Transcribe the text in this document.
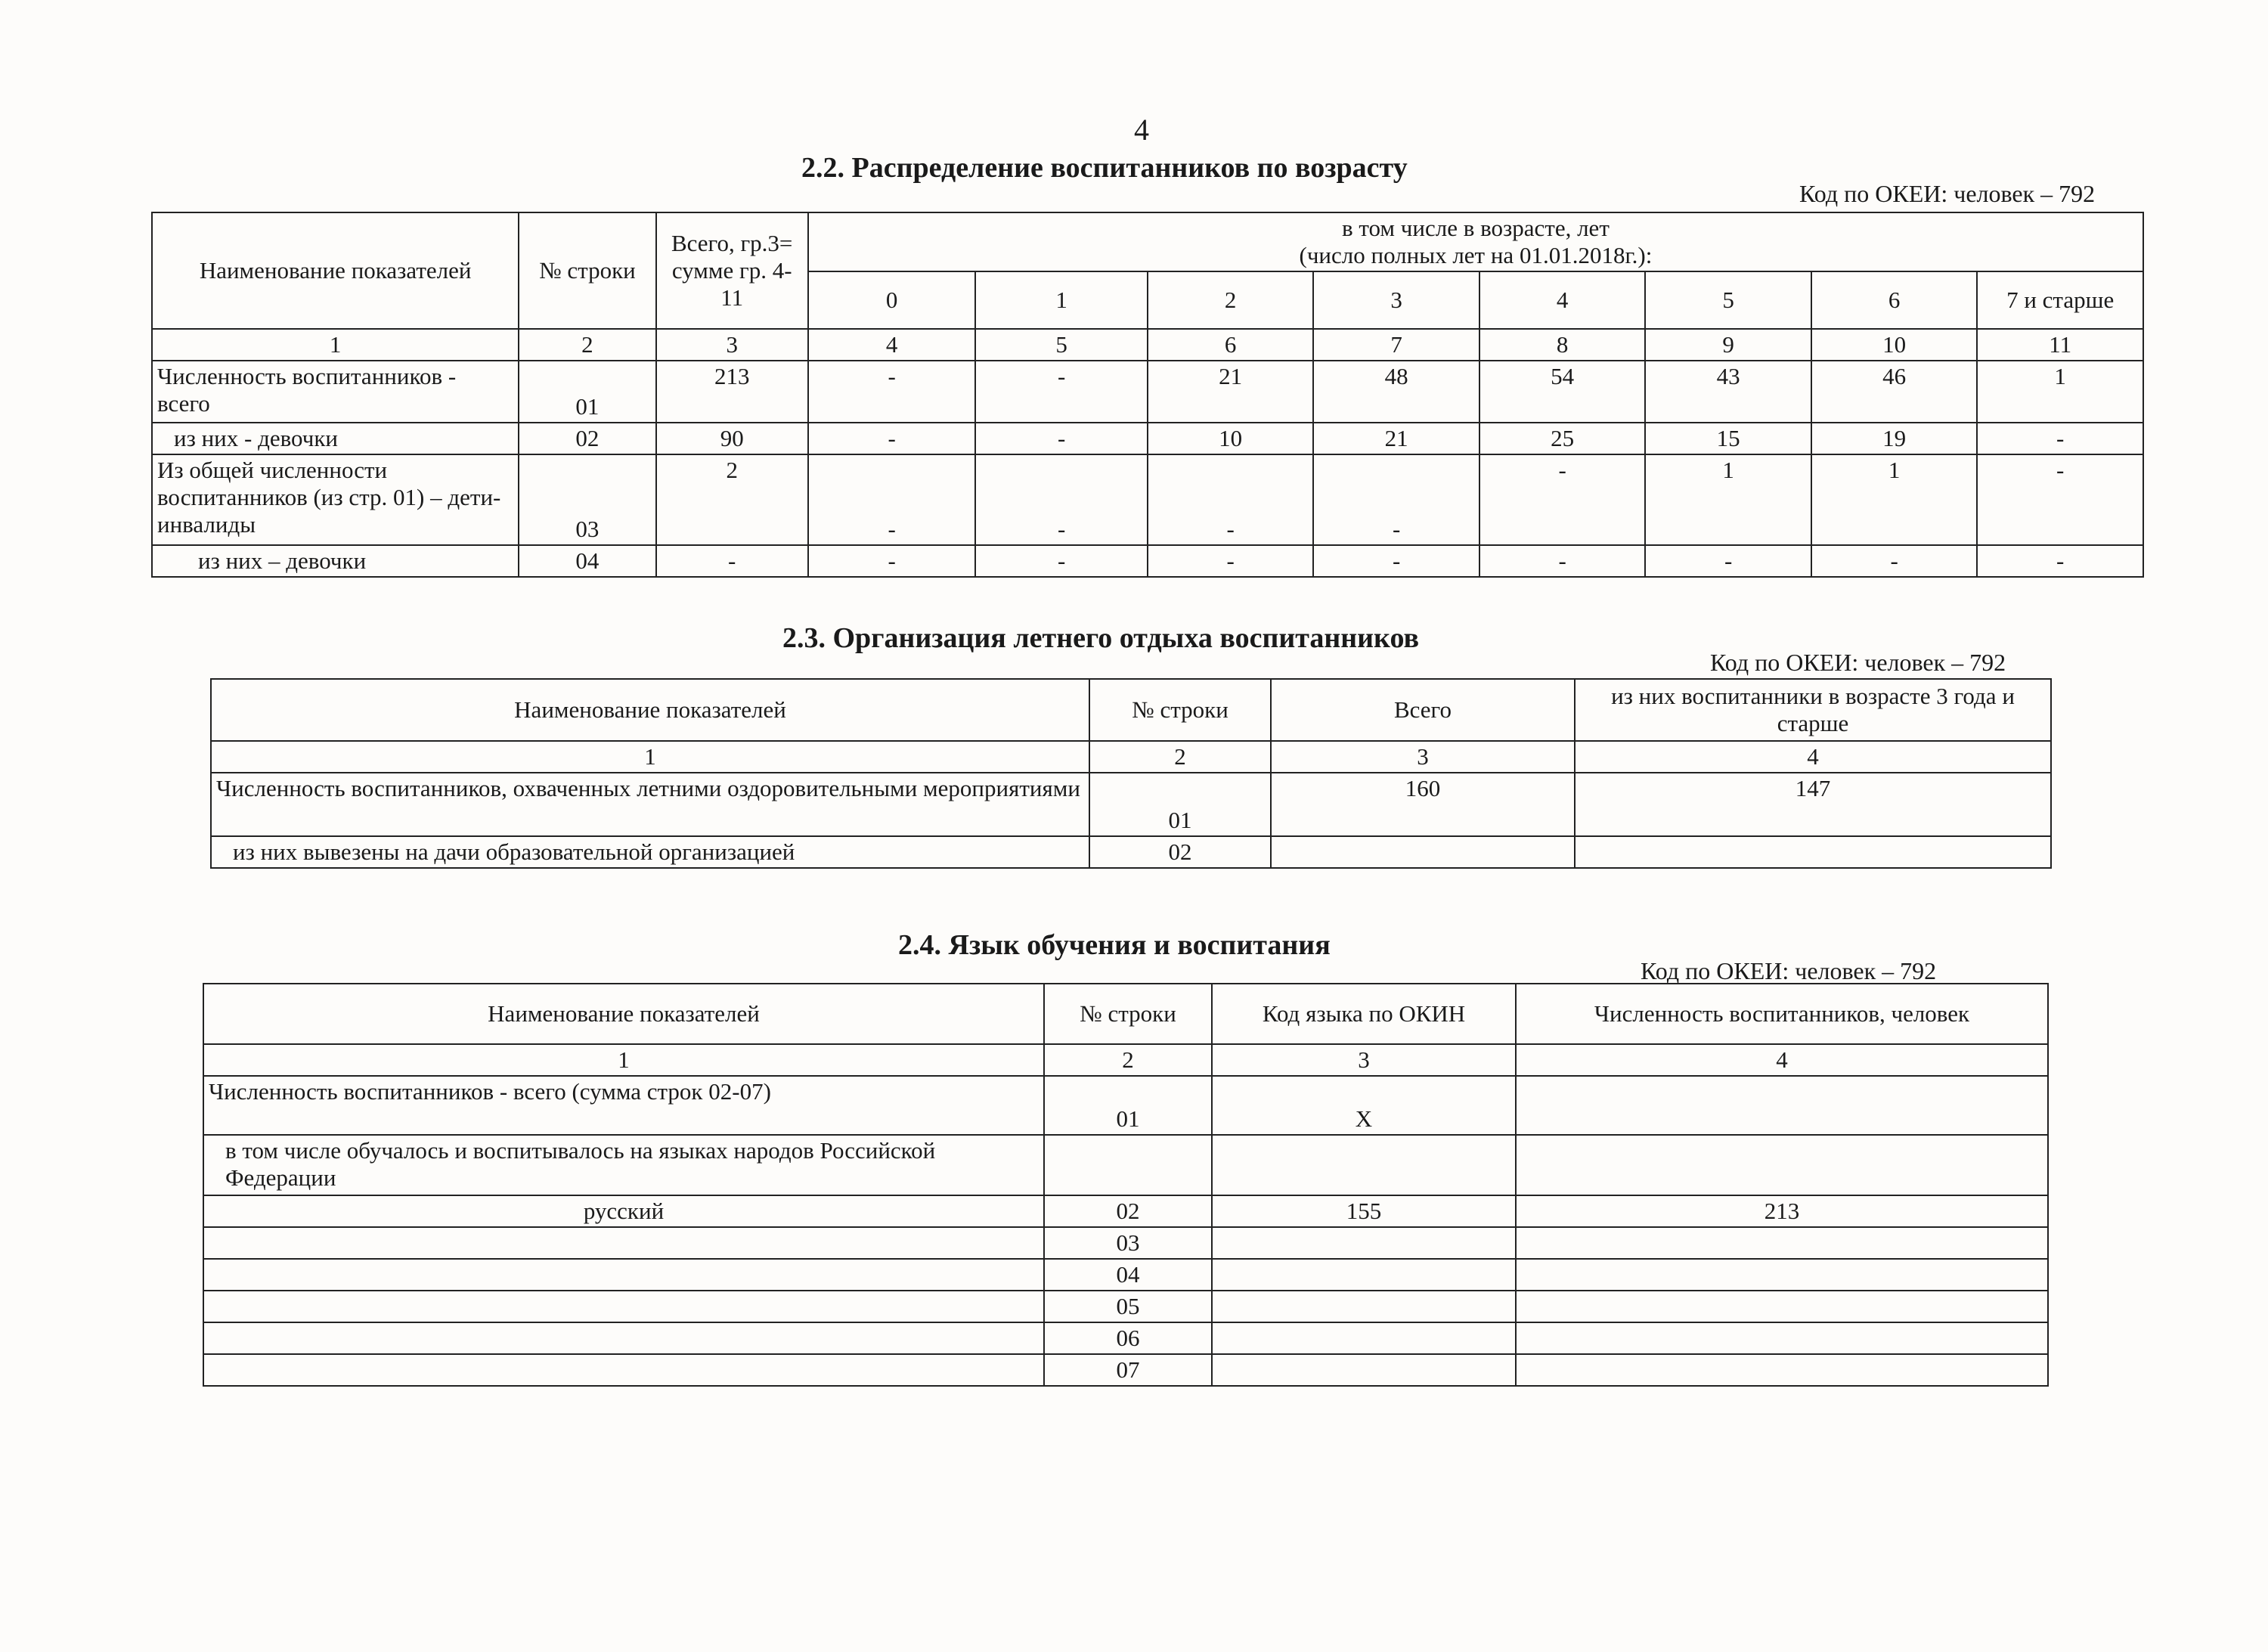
4
2.2. Распределение воспитанников по возрасту
Код по ОКЕИ: человек – 792
Наименование показателей	№ строки	Всего, гр.3= сумме гр. 4-11	в том числе в возрасте, лет
(число полных лет на 01.01.2018г.):							

			0	1	2	3	4	5	6	7 и старше
1	2	3	4	5	6	7	8	9	10	11
Численность воспитанников - всего	01	213	-	-	21	48	54	43	46	1
из них - девочки	02	90	-	-	10	21	25	15	19	-
Из общей численности воспитанников (из стр. 01) – дети-инвалиды	03	2	-	-	-	-	-	1	1	-
из них – девочки	04	-	-	-	-	-	-	-	-	-
2.3. Организация летнего отдыха воспитанников
Код по ОКЕИ: человек – 792
Наименование показателей	№ строки	Всего	из них воспитанники в возрасте 3 года и старше
1	2	3	4
Численность воспитанников, охваченных летними оздоровительными мероприятиями	01	160	147
из них вывезены на дачи образовательной организацией	02		
2.4. Язык обучения и воспитания
Код по ОКЕИ: человек – 792
Наименование показателей	№ строки	Код языка по ОКИН	Численность воспитанников, человек
1	2	3	4
Численность воспитанников - всего (сумма строк 02-07)	01	Х	
в том числе обучалось и воспитывалось на языках народов Российской Федерации			
русский	02	155	213
	03		
	04		
	05		
	06		
	07		
